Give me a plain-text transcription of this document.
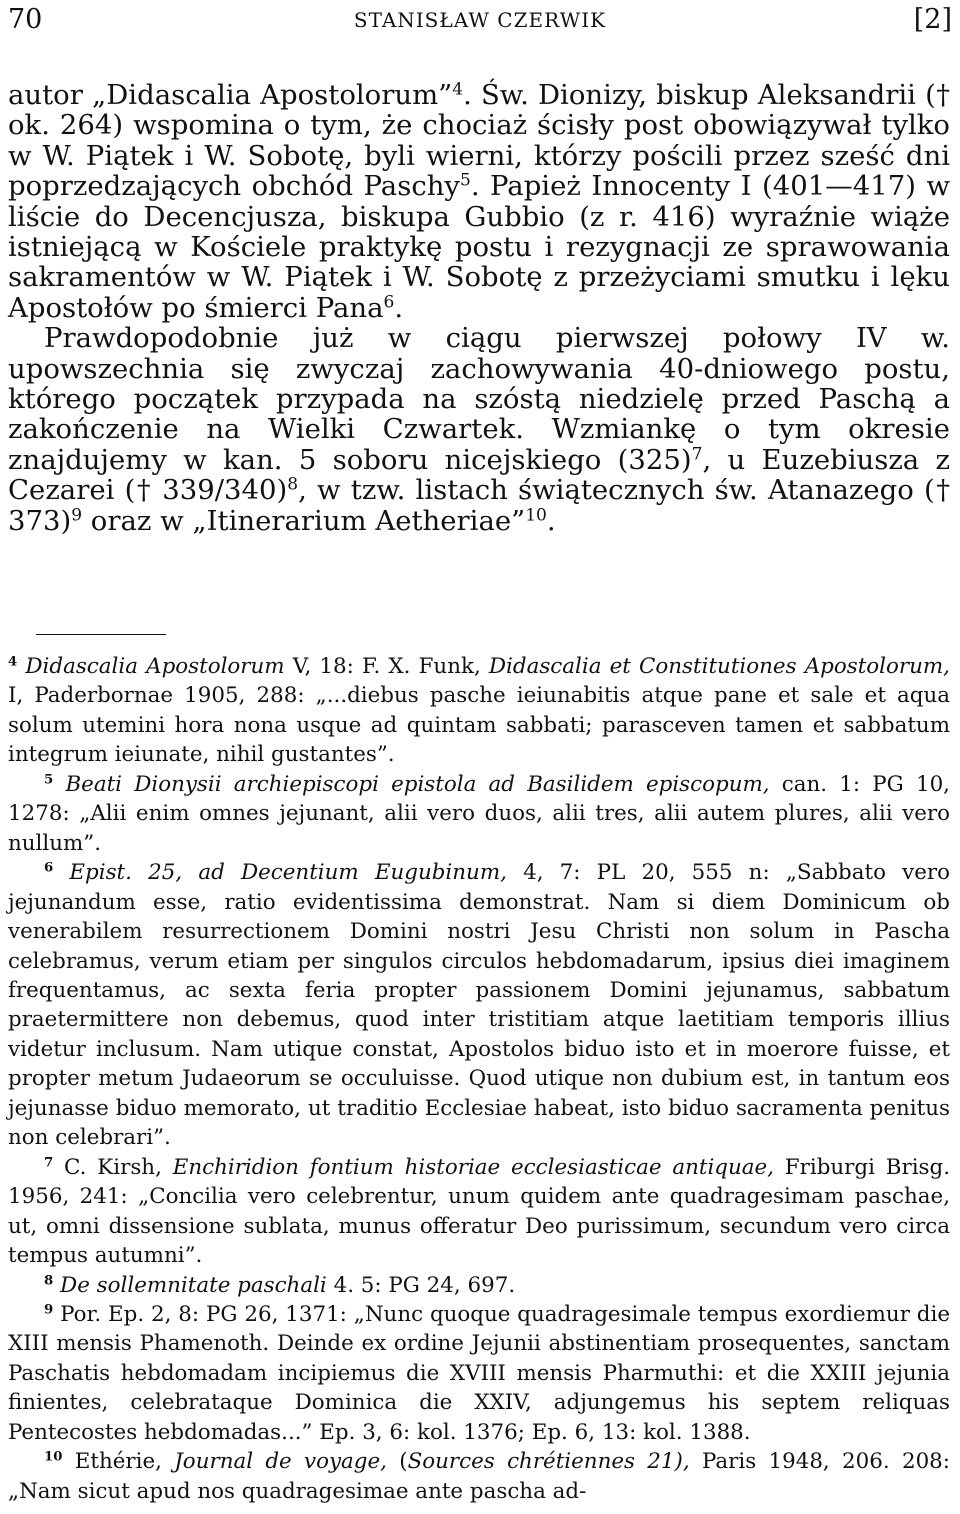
70	STANISŁAW CZERWIK	[2]

autor „Didascalia Apostolorum”$^4$. Św. Dionizy, biskup Aleksandrii († ok. 264) wspomina o tym, że chociaż ścisły post obowiązywał tylko w W. Piątek i W. Sobotę, byli wierni, którzy pościli przez sześć dni poprzedzających obchód Paschy$^5$. Papież Innocenty I (401—417) w liście do Decencjusza, biskupa Gubbio (z r. 416) wyraźnie wiąże istniejącą w Kościele praktykę postu i rezygnacji ze sprawowania sakramentów w W. Piątek i W. Sobotę z przeżyciami smutku i lęku Apostołów po śmierci Pana$^6$.

Prawdopodobnie już w ciągu pierwszej połowy IV w. upowszechnia się zwyczaj zachowywania 40-dniowego postu, którego początek przypada na szóstą niedzielę przed Paschą a zakończenie na Wielki Czwartek. Wzmiankę o tym okresie znajdujemy w kan. 5 soboru nicejskiego $(325)^7$, u Euzebiusza z Cezarei († 339/340)$^8$, w tzw. listach świątecznych św. Atanazego († 373)$^9$ oraz w „Itinerarium Aetheriae”$^{10}$.

$^4$ Didascalia Apostolorum V, 18: F. X. Funk, Didascalia et Constitutiones Apostolorum, I, Paderbornae 1905, 288: „...diebus pasche ieiunabitis atque pane et sale et aqua solum utemini hora nona usque ad quintam sabbati; parasceven tamen et sabbatum integrum ieiunate, nihil gustantes”.

$^5$ Beati Dionysii archiepiscopi epistola ad Basilidem episcopum, can. 1: PG 10, 1278: „Alii enim omnes jejunant, alii vero duos, alii tres, alii autem plures, alii vero nullum”.

$^6$ Epist. 25, ad Decentium Eugubinum, 4, 7: PL 20, 555 n: „Sabbato vero jejunandum esse, ratio evidentissima demonstrat. Nam si diem Dominicum ob venerabilem resurrectionem Domini nostri Jesu Christi non solum in Pascha celebramus, verum etiam per singulos circulos hebdomadarum, ipsius diei imaginem frequentamus, ac sexta feria propter passionem Domini jejunamus, sabbatum praetermittere non debemus, quod inter tristitiam atque laetitiam temporis illius videtur inclusum. Nam utique constat, Apostolos biduo isto et in moerore fuisse, et propter metum Judaeorum se occuluisse. Quod utique non dubium est, in tantum eos jejunasse biduo memorato, ut traditio Ecclesiae habeat, isto biduo sacramenta penitus non celebrari”.

$^7$ C. Kirsh, Enchiridion fontium historiae ecclesiasticae antiquae, Friburgi Brisg. 1956, 241: „Concilia vero celebrentur, unum quidem ante quadragesimam paschae, ut, omni dissensione sublata, munus offeratur Deo purissimum, secundum vero circa tempus autumni”.

$^8$ De sollemnitate paschali 4. 5: PG 24, 697.

$^9$ Por. Ep. 2, 8: PG 26, 1371: „Nunc quoque quadragesimale tempus exordiemur die XIII mensis Phamenoth. Deinde ex ordine Jejunii abstinentiam prosequentes, sanctam Paschatis hebdomadam incipiemus die XVIII mensis Pharmuthi: et die XXIII jejunia finientes, celebrataque Dominica die XXIV, adjungemus his septem reliquas Pentecostes hebdomadas...” Ep. 3, 6: kol. 1376; Ep. 6, 13: kol. 1388.

$^{10}$ Ethérie, Journal de voyage, (Sources chrétiennes 21), Paris 1948, 206. 208: „Nam sicut apud nos quadragesimae ante pascha ad-
